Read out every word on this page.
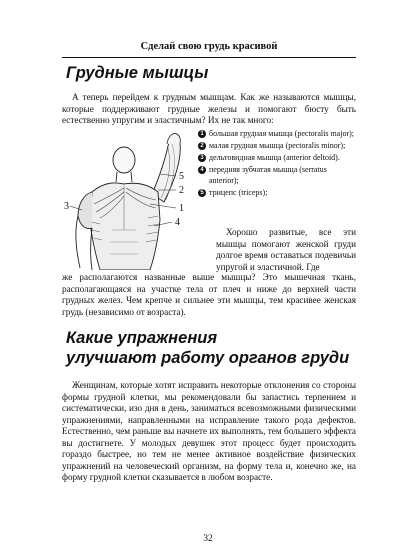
Сделай свою грудь красивой
Грудные мышцы

А теперь перейдем к грудным мышцам. Как же называются мышцы, которые поддерживают грудные железы и помогают бюсту быть естественно упругим и эластичным? Их не так много:

5
2
1
4
3
1 большая грудная мышца (pectoralis major);
2 малая грудная мышца (pectoralis minor);
3 дельтовидная мышца (anterior deltoid).
4 передняя зубчатая мышца (serratus anterior);
5 трицепс (triceps);

Хорошо развитые, все эти мышцы помогают женской груди долгое время оставаться подевичьи упругой и эластичной. Где

же располагаются названные выше мышцы? Это мышечная ткань, располагающаяся на участке тела от плеч и ниже до верхней части грудных желез. Чем крепче и сильнее эти мышцы, тем красивее женская грудь (независимо от возраста).

Какие упражнения
улучшают работу органов груди

Женщинам, которые хотят исправить некоторые отклонения со стороны формы грудной клетки, мы рекомендовали бы запастись терпением и систематически, изо дня в день, заниматься всевозможными физическими упражнениями, направленными на исправление такого рода дефектов. Естественно, чем раньше вы начнете их выполнять, тем большего эффекта вы достигнете. У молодых девушек этот процесс будет происходить гораздо быстрее, но тем не менее активное воздействие физических упражнений на человеческий организм, на форму тела и, конечно же, на форму грудной клетки сказывается в любом возрасте.

32
